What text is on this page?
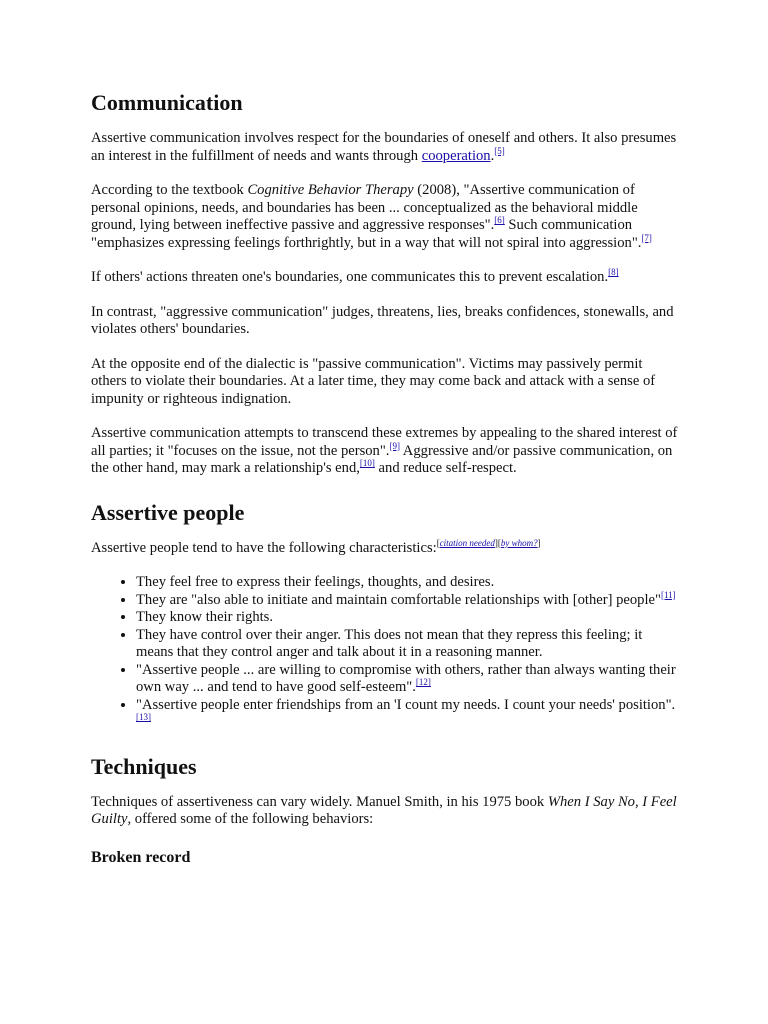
Communication

Assertive communication involves respect for the boundaries of oneself and others. It also presumes an interest in the fulfillment of needs and wants through cooperation.[5]

According to the textbook Cognitive Behavior Therapy (2008), "Assertive communication of personal opinions, needs, and boundaries has been ... conceptualized as the behavioral middle ground, lying between ineffective passive and aggressive responses".[6] Such communication "emphasizes expressing feelings forthrightly, but in a way that will not spiral into aggression".[7]

If others' actions threaten one's boundaries, one communicates this to prevent escalation.[8]

In contrast, "aggressive communication" judges, threatens, lies, breaks confidences, stonewalls, and violates others' boundaries.

At the opposite end of the dialectic is "passive communication". Victims may passively permit others to violate their boundaries. At a later time, they may come back and attack with a sense of impunity or righteous indignation.

Assertive communication attempts to transcend these extremes by appealing to the shared interest of all parties; it "focuses on the issue, not the person".[9] Aggressive and/or passive communication, on the other hand, may mark a relationship's end,[10] and reduce self-respect.

Assertive people

Assertive people tend to have the following characteristics:[citation needed][by whom?]

• They feel free to express their feelings, thoughts, and desires.
• They are "also able to initiate and maintain comfortable relationships with [other] people"[11]
• They know their rights.
• They have control over their anger. This does not mean that they repress this feeling; it means that they control anger and talk about it in a reasoning manner.
• "Assertive people ... are willing to compromise with others, rather than always wanting their own way ... and tend to have good self-esteem".[12]
• "Assertive people enter friendships from an 'I count my needs. I count your needs' position".[13]
Techniques

Techniques of assertiveness can vary widely. Manuel Smith, in his 1975 book When I Say No, I Feel Guilty, offered some of the following behaviors:

Broken record
